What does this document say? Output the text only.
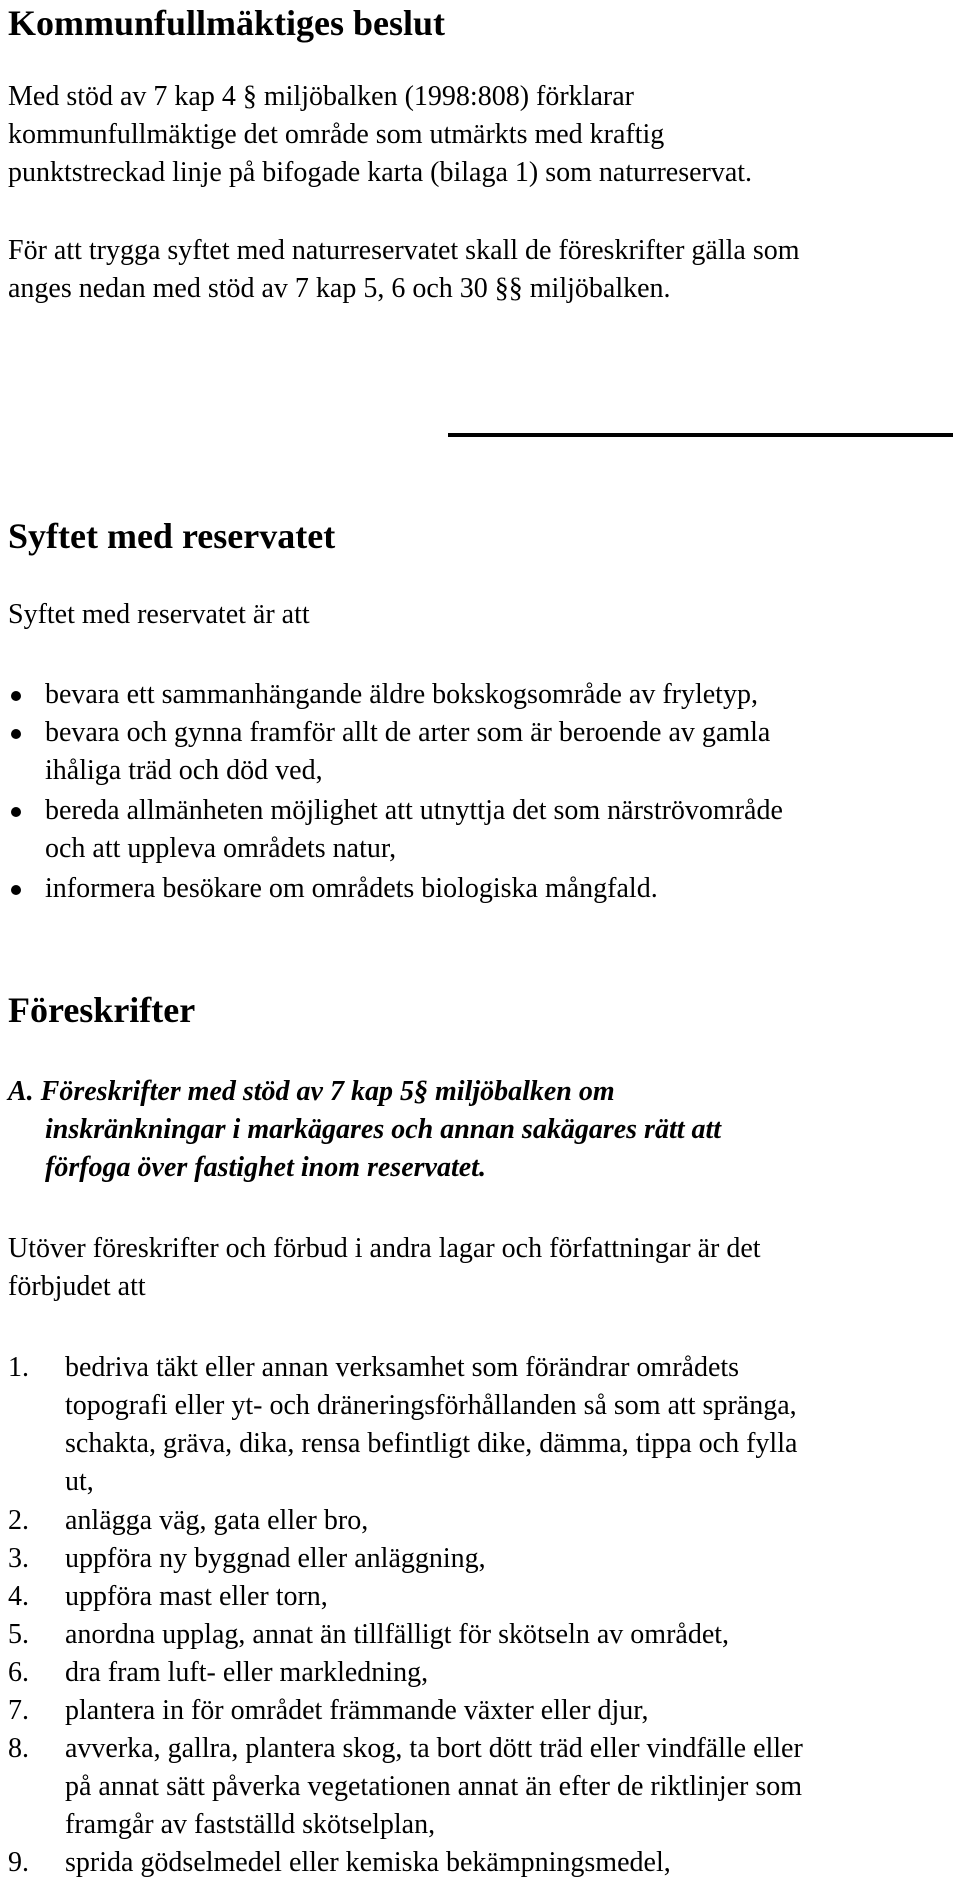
Kommunfullmäktiges beslut
Med stöd av 7 kap 4 § miljöbalken (1998:808) förklarar
kommunfullmäktige det område som utmärkts med kraftig
punktstreckad linje på bifogade karta (bilaga 1) som naturreservat.
För att trygga syftet med naturreservatet skall de föreskrifter gälla som
anges nedan med stöd av 7 kap 5, 6 och 30 §§ miljöbalken.
Syftet med reservatet
Syftet med reservatet är att
bevara ett sammanhängande äldre bokskogsområde av fryletyp,
bevara och gynna framför allt de arter som är beroende av gamla
ihåliga träd och död ved,
bereda allmänheten möjlighet att utnyttja det som närströvområde
och att uppleva områdets natur,
informera besökare om områdets biologiska mångfald.
Föreskrifter
A. Föreskrifter med stöd av 7 kap 5§ miljöbalken om
inskränkningar i markägares och annan sakägares rätt att
förfoga över fastighet inom reservatet.
Utöver föreskrifter och förbud i andra lagar och författningar är det
förbjudet att
1. bedriva täkt eller annan verksamhet som förändrar områdets
topografi eller yt- och dräneringsförhållanden så som att spränga,
schakta, gräva, dika, rensa befintligt dike, dämma, tippa och fylla
ut,
2. anlägga väg, gata eller bro,
3. uppföra ny byggnad eller anläggning,
4. uppföra mast eller torn,
5. anordna upplag, annat än tillfälligt för skötseln av området,
6. dra fram luft- eller markledning,
7. plantera in för området främmande växter eller djur,
8. avverka, gallra, plantera skog, ta bort dött träd eller vindfälle eller
på annat sätt påverka vegetationen annat än efter de riktlinjer som
framgår av fastställd skötselplan,
9. sprida gödselmedel eller kemiska bekämpningsmedel,
